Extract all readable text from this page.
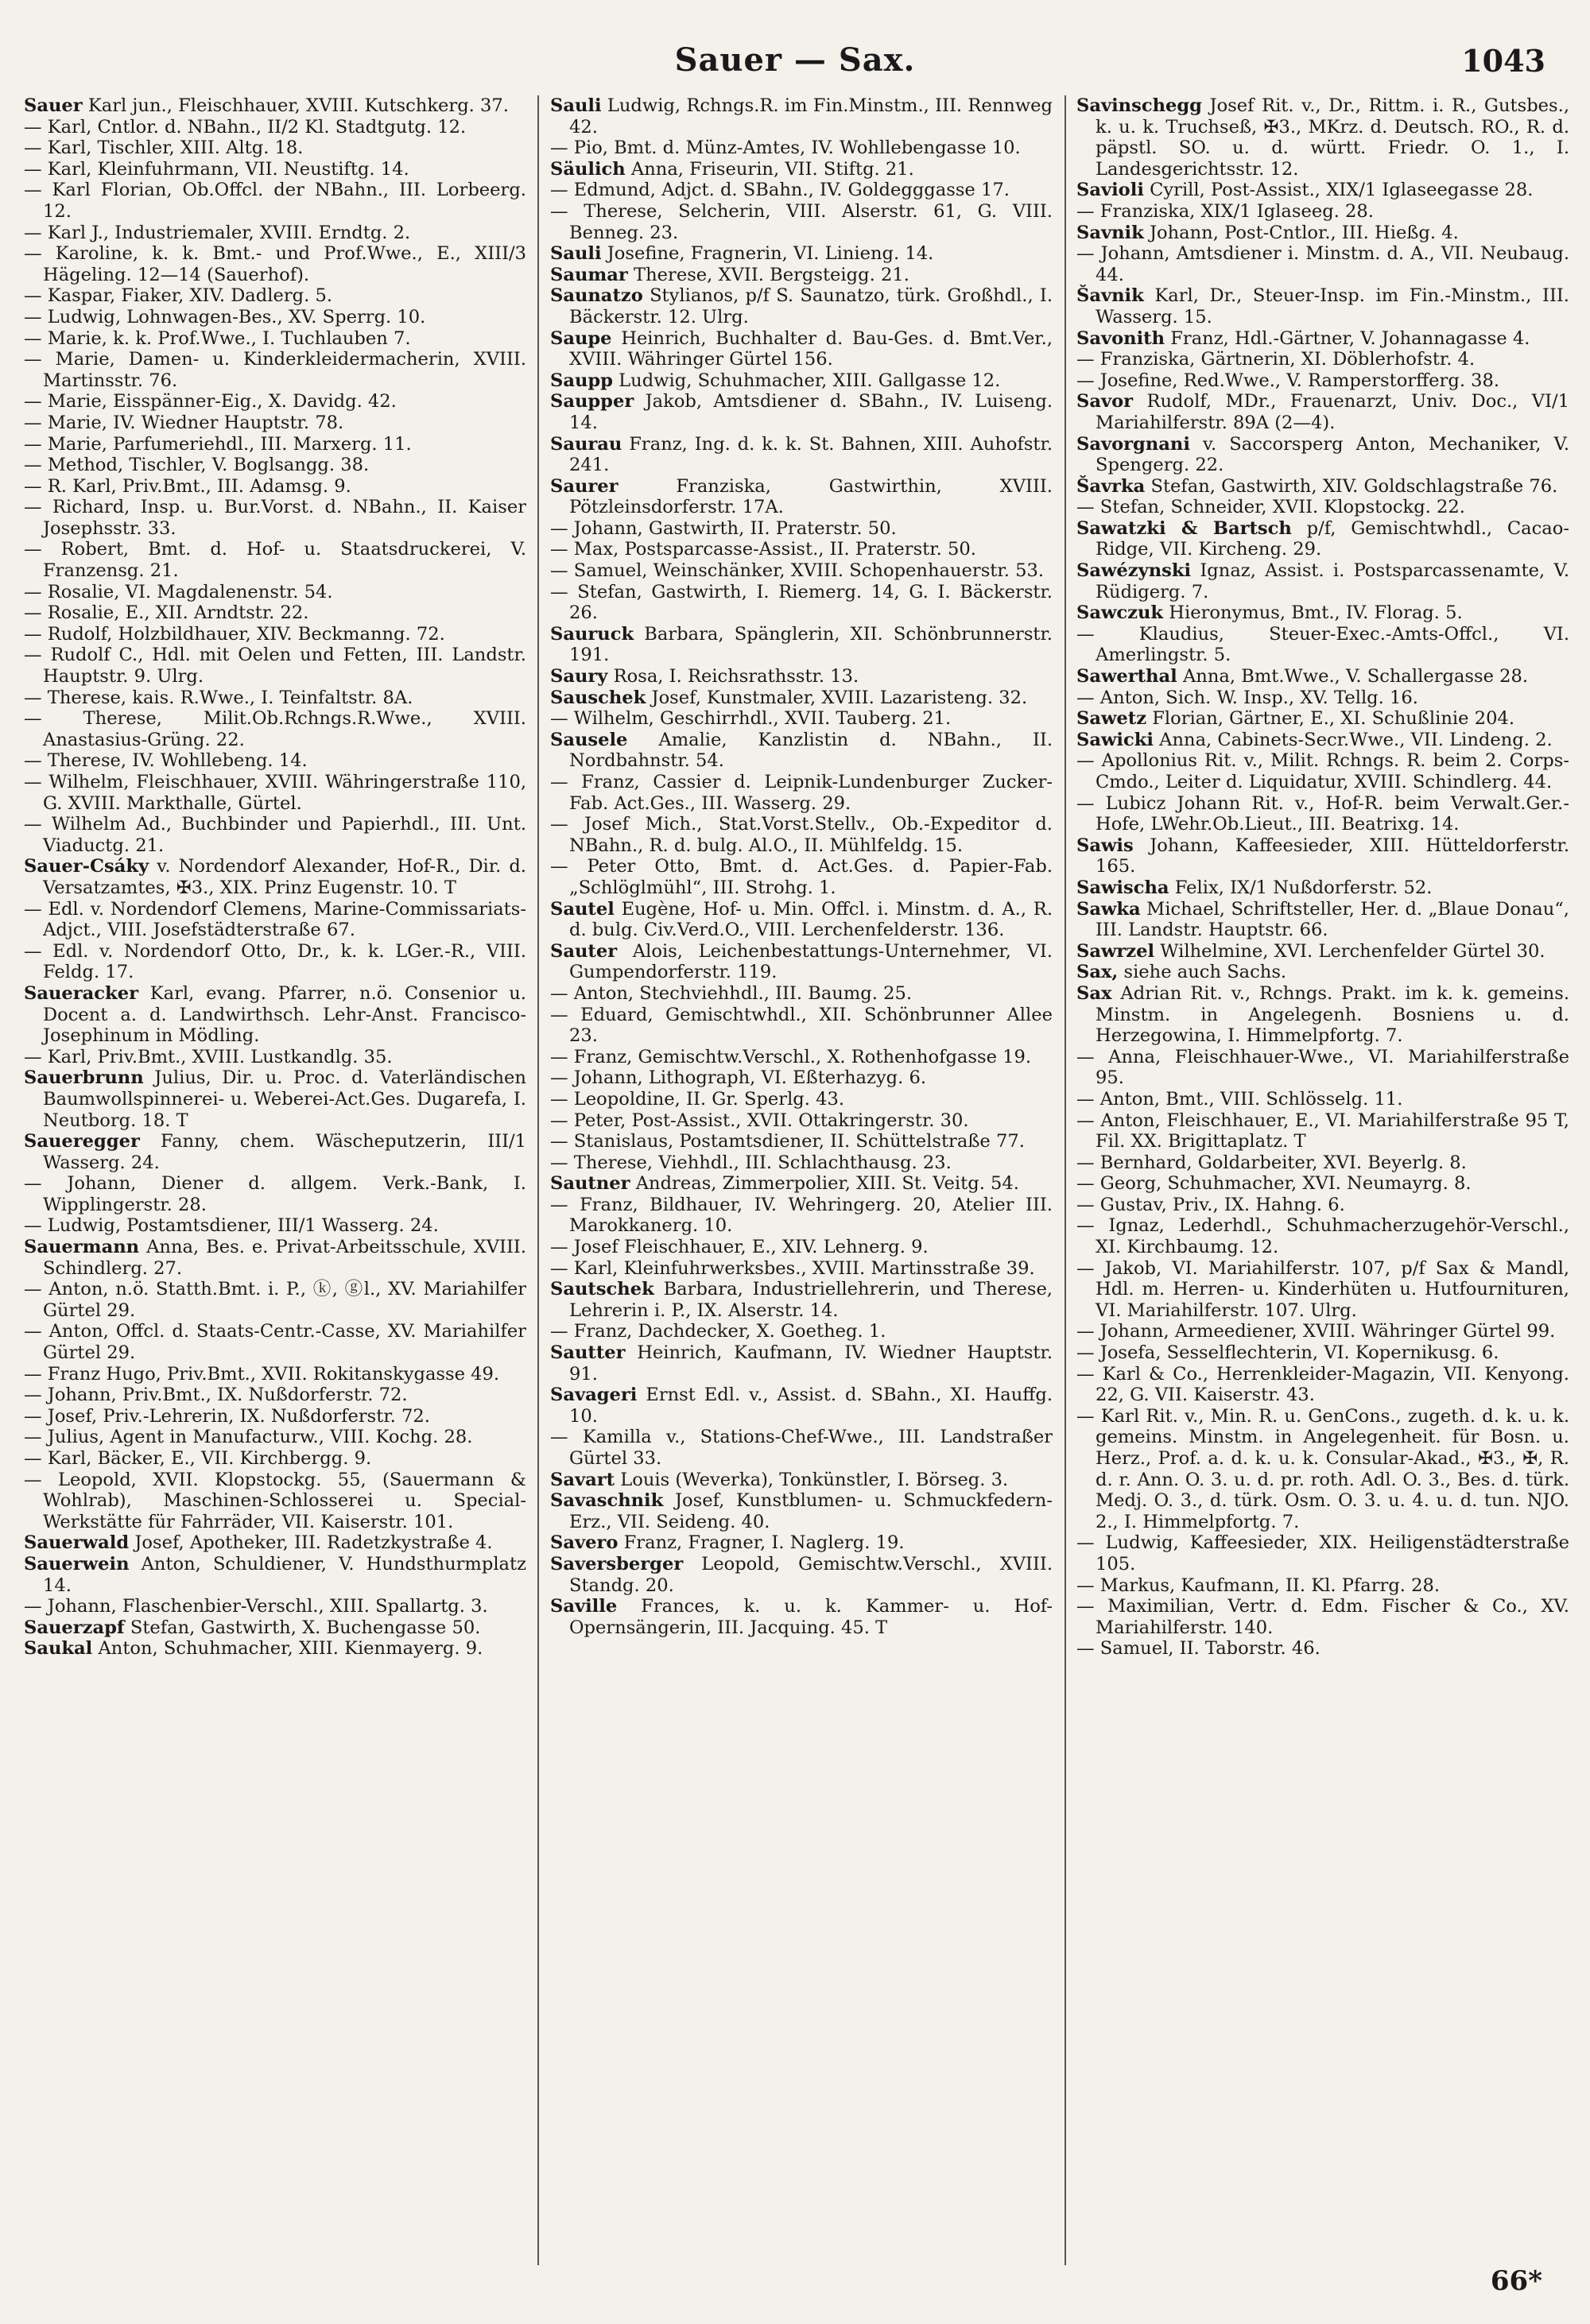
Sauer — Sax.	1043

Sauer Karl jun., Fleischhauer, XVIII. Kutschkerg. 37.

— Karl, Cntlor. d. NBahn., II/2 Kl. Stadtgutg. 12.

— Karl, Tischler, XIII. Altg. 18.

— Karl, Kleinfuhrmann, VII. Neustiftg. 14.

— Karl Florian, Ob.Offcl. der NBahn., III. Lorbeerg. 12.

— Karl J., Industriemaler, XVIII. Erndtg. 2.

— Karoline, k. k. Bmt.- und Prof.Wwe., E., XIII/3 Hägeling. 12—14 (Sauerhof).

— Kaspar, Fiaker, XIV. Dadlerg. 5.

— Ludwig, Lohnwagen-Bes., XV. Sperrg. 10.

— Marie, k. k. Prof.Wwe., I. Tuchlauben 7.

— Marie, Damen- u. Kinderkleidermacherin, XVIII. Martinsstr. 76.

— Marie, Eisspänner-Eig., X. Davidg. 42.

— Marie, IV. Wiedner Hauptstr. 78.

— Marie, Parfumeriehdl., III. Marxerg. 11.

— Method, Tischler, V. Boglsangg. 38.

— R. Karl, Priv.Bmt., III. Adamsg. 9.

— Richard, Insp. u. Bur.Vorst. d. NBahn., II. Kaiser Josephsstr. 33.

— Robert, Bmt. d. Hof- u. Staatsdruckerei, V. Franzensg. 21.

— Rosalie, VI. Magdalenenstr. 54.

— Rosalie, E., XII. Arndtstr. 22.

— Rudolf, Holzbildhauer, XIV. Beckmanng. 72.

— Rudolf C., Hdl. mit Oelen und Fetten, III. Landstr. Hauptstr. 9. Ulrg.

— Therese, kais. R.Wwe., I. Teinfaltstr. 8A.

— Therese, Milit.Ob.Rchngs.R.Wwe., XVIII. Anastasius-Grüng. 22.

— Therese, IV. Wohllebeng. 14.

— Wilhelm, Fleischhauer, XVIII. Währingerstraße 110, G. XVIII. Markthalle, Gürtel.

— Wilhelm Ad., Buchbinder und Papierhdl., III. Unt. Viaductg. 21.

Sauer-Csáky v. Nordendorf Alexander, Hof-R., Dir. d. Versatzamtes, ✠3., XIX. Prinz Eugenstr. 10. T

— Edl. v. Nordendorf Clemens, Marine-Commissariats-Adjct., VIII. Josefstädterstraße 67.

— Edl. v. Nordendorf Otto, Dr., k. k. LGer.-R., VIII. Feldg. 17.

Saueracker Karl, evang. Pfarrer, n.ö. Consenior u. Docent a. d. Landwirthsch. Lehr-Anst. Francisco-Josephinum in Mödling.

— Karl, Priv.Bmt., XVIII. Lustkandlg. 35.

Sauerbrunn Julius, Dir. u. Proc. d. Vaterländischen Baumwollspinnerei- u. Weberei-Act.Ges. Dugarefa, I. Neutborg. 18. T

Saueregger Fanny, chem. Wäscheputzerin, III/1 Wasserg. 24.

— Johann, Diener d. allgem. Verk.-Bank, I. Wipplingerstr. 28.

— Ludwig, Postamtsdiener, III/1 Wasserg. 24.

Sauermann Anna, Bes. e. Privat-Arbeitsschule, XVIII. Schindlerg. 27.

— Anton, n.ö. Statth.Bmt. i. P., ⓚ, ⓖl., XV. Mariahilfer Gürtel 29.

— Anton, Offcl. d. Staats-Centr.-Casse, XV. Mariahilfer Gürtel 29.

— Franz Hugo, Priv.Bmt., XVII. Rokitanskygasse 49.

— Johann, Priv.Bmt., IX. Nußdorferstr. 72.

— Josef, Priv.-Lehrerin, IX. Nußdorferstr. 72.

— Julius, Agent in Manufacturw., VIII. Kochg. 28.

— Karl, Bäcker, E., VII. Kirchbergg. 9.

— Leopold, XVII. Klopstockg. 55, (Sauermann & Wohlrab), Maschinen-Schlosserei u. Special-Werkstätte für Fahrräder, VII. Kaiserstr. 101.

Sauerwald Josef, Apotheker, III. Radetzkystraße 4.

Sauerwein Anton, Schuldiener, V. Hundsthurmplatz 14.

— Johann, Flaschenbier-Verschl., XIII. Spallartg. 3.

Sauerzapf Stefan, Gastwirth, X. Buchengasse 50.

Saukal Anton, Schuhmacher, XIII. Kienmayerg. 9.

Sauli Ludwig, Rchngs.R. im Fin.Minstm., III. Rennweg 42.

— Pio, Bmt. d. Münz-Amtes, IV. Wohllebengasse 10.

Säulich Anna, Friseurin, VII. Stiftg. 21.

— Edmund, Adjct. d. SBahn., IV. Goldegggasse 17.

— Therese, Selcherin, VIII. Alserstr. 61, G. VIII. Benneg. 23.

Sauli Josefine, Fragnerin, VI. Linieng. 14.

Saumar Therese, XVII. Bergsteigg. 21.

Saunatzo Stylianos, p/f S. Saunatzo, türk. Großhdl., I. Bäckerstr. 12. Ulrg.

Saupe Heinrich, Buchhalter d. Bau-Ges. d. Bmt.Ver., XVIII. Währinger Gürtel 156.

Saupp Ludwig, Schuhmacher, XIII. Gallgasse 12.

Saupper Jakob, Amtsdiener d. SBahn., IV. Luiseng. 14.

Saurau Franz, Ing. d. k. k. St. Bahnen, XIII. Auhofstr. 241.

Saurer	Franziska, Gastwirthin, XVIII. Pötzleinsdorferstr. 17A.

— Johann, Gastwirth, II. Praterstr. 50.

— Max, Postsparcasse-Assist., II. Praterstr. 50.

— Samuel, Weinschänker, XVIII. Schopenhauerstr. 53.

— Stefan, Gastwirth, I. Riemerg. 14, G. I. Bäckerstr. 26.

Sauruck Barbara, Spänglerin, XII. Schönbrunnerstr. 191.

Saury Rosa, I. Reichsrathsstr. 13.

Sauschek Josef, Kunstmaler, XVIII. Lazaristeng. 32.

— Wilhelm, Geschirrhdl., XVII. Tauberg. 21.

Sausele Amalie, Kanzlistin d. NBahn., II. Nordbahnstr. 54.

— Franz, Cassier d. Leipnik-Lundenburger Zucker-Fab. Act.Ges., III. Wasserg. 29.

— Josef Mich., Stat.Vorst.Stellv., Ob.-Expeditor d. NBahn., R. d. bulg. Al.O., II. Mühlfeldg. 15.

— Peter Otto, Bmt. d. Act.Ges. d. Papier-Fab. „Schlöglmühl“, III. Strohg. 1.

Sautel Eugène, Hof- u. Min. Offcl. i. Minstm. d. A., R. d. bulg. Civ.Verd.O., VIII. Lerchenfelderstr. 136.

Sauter Alois, Leichenbestattungs-Unternehmer, VI. Gumpendorferstr. 119.

— Anton, Stechviehhdl., III. Baumg. 25.

— Eduard, Gemischtwhdl., XII. Schönbrunner Allee 23.

— Franz, Gemischtw.Verschl., X. Rothenhofgasse 19.

— Johann, Lithograph, VI. Eßterhazyg. 6.

— Leopoldine, II. Gr. Sperlg. 43.

— Peter, Post-Assist., XVII. Ottakringerstr. 30.

— Stanislaus, Postamtsdiener, II. Schüttelstraße 77.

— Therese, Viehhdl., III. Schlachthausg. 23.

Sautner Andreas, Zimmerpolier, XIII. St. Veitg. 54.

— Franz, Bildhauer, IV. Wehringerg. 20, Atelier III. Marokkanerg. 10.

— Josef Fleischhauer, E., XIV. Lehnerg. 9.

— Karl, Kleinfuhrwerksbes., XVIII. Martinsstraße 39.

Sautschek Barbara, Industriellehrerin, und Therese, Lehrerin i. P., IX. Alserstr. 14.

— Franz, Dachdecker, X. Goetheg. 1.

Sautter Heinrich, Kaufmann, IV. Wiedner Hauptstr. 91.

Savageri Ernst Edl. v., Assist. d. SBahn., XI. Hauffg. 10.

— Kamilla v., Stations-Chef-Wwe., III. Landstraßer Gürtel 33.

Savart Louis (Weverka), Tonkünstler, I. Börseg. 3.

Savaschnik Josef, Kunstblumen- u. Schmuckfedern-Erz., VII. Seideng. 40.

Savero Franz, Fragner, I. Naglerg. 19.

Saversberger Leopold, Gemischtw.Verschl., XVIII. Standg. 20.

Saville Frances, k. u. k. Kammer- u. Hof-Opernsängerin, III. Jacquing. 45. T

Savinschegg Josef Rit. v., Dr., Rittm. i. R., Gutsbes., k. u. k. Truchseß, ✠3., MKrz. d. Deutsch. RO., R. d. päpstl. SO. u. d. württ. Friedr. O. 1., I. Landesgerichtsstr. 12.

Savioli Cyrill, Post-Assist., XIX/1 Iglaseegasse 28.

— Franziska, XIX/1 Iglaseeg. 28.

Savnik Johann, Post-Cntlor., III. Hießg. 4.

— Johann, Amtsdiener i. Minstm. d. A., VII. Neubaug. 44.

Šavnik Karl, Dr., Steuer-Insp. im Fin.-Minstm., III. Wasserg. 15.

Savonith Franz, Hdl.-Gärtner, V. Johannagasse 4.

— Franziska, Gärtnerin, XI. Döblerhofstr. 4.

— Josefine, Red.Wwe., V. Ramperstorfferg. 38.

Savor Rudolf, MDr., Frauenarzt, Univ. Doc., VI/1 Mariahilferstr. 89A (2—4).

Savorgnani v. Saccorsperg Anton, Mechaniker, V. Spengerg. 22.

Šavrka Stefan, Gastwirth, XIV. Goldschlagstraße 76.

— Stefan, Schneider, XVII. Klopstockg. 22.

Sawatzki & Bartsch p/f, Gemischtwhdl., Cacao-Ridge, VII. Kircheng. 29.

Sawézynski Ignaz, Assist. i. Postsparcassenamte, V. Rüdigerg. 7.

Sawczuk Hieronymus, Bmt., IV. Florag. 5.

— Klaudius, Steuer-Exec.-Amts-Offcl., VI. Amerlingstr. 5.

Sawerthal Anna, Bmt.Wwe., V. Schallergasse 28.

— Anton, Sich. W. Insp., XV. Tellg. 16.

Sawetz Florian, Gärtner, E., XI. Schußlinie 204.

Sawicki Anna, Cabinets-Secr.Wwe., VII. Lindeng. 2.

— Apollonius Rit. v., Milit. Rchngs. R. beim 2. Corps-Cmdo., Leiter d. Liquidatur, XVIII. Schindlerg. 44.

— Lubicz Johann Rit. v., Hof-R. beim Verwalt.Ger.-Hofe, LWehr.Ob.Lieut., III. Beatrixg. 14.

Sawis Johann, Kaffeesieder, XIII. Hütteldorferstr. 165.

Sawischa Felix, IX/1 Nußdorferstr. 52.

Sawka Michael, Schriftsteller, Her. d. „Blaue Donau“, III. Landstr. Hauptstr. 66.

Sawrzel Wilhelmine, XVI. Lerchenfelder Gürtel 30.

Sax, siehe auch Sachs.

Sax Adrian Rit. v., Rchngs. Prakt. im k. k. gemeins. Minstm. in Angelegenh. Bosniens u. d. Herzegowina, I. Himmelpfortg. 7.

— Anna, Fleischhauer-Wwe., VI. Mariahilferstraße 95.

— Anton, Bmt., VIII. Schlösselg. 11.

— Anton, Fleischhauer, E., VI. Mariahilferstraße 95 T, Fil. XX. Brigittaplatz. T

— Bernhard, Goldarbeiter, XVI. Beyerlg. 8.

— Georg, Schuhmacher, XVI. Neumayrg. 8.

— Gustav, Priv., IX. Hahng. 6.

— Ignaz, Lederhdl., Schuhmacherzugehör-Verschl., XI. Kirchbaumg. 12.

— Jakob, VI. Mariahilferstr. 107, p/f Sax & Mandl, Hdl. m. Herren- u. Kinderhüten u. Hutfournituren, VI. Mariahilferstr. 107. Ulrg.

— Johann, Armeediener, XVIII. Währinger Gürtel 99.

— Josefa, Sesselflechterin, VI. Kopernikusg. 6.

— Karl & Co., Herrenkleider-Magazin, VII. Kenyong. 22, G. VII. Kaiserstr. 43.

— Karl Rit. v., Min. R. u. GenCons., zugeth. d. k. u. k. gemeins. Minstm. in Angelegenheit. für Bosn. u. Herz., Prof. a. d. k. u. k. Consular-Akad., ✠3., ✠, R. d. r. Ann. O. 3. u. d. pr. roth. Adl. O. 3., Bes. d. türk. Medj. O. 3., d. türk. Osm. O. 3. u. 4. u. d. tun. NJO. 2., I. Himmelpfortg. 7.

— Ludwig, Kaffeesieder, XIX. Heiligenstädterstraße 105.

— Markus, Kaufmann, II. Kl. Pfarrg. 28.

— Maximilian, Vertr. d. Edm. Fischer & Co., XV. Mariahilferstr. 140.

— Samuel, II. Taborstr. 46.

66*
